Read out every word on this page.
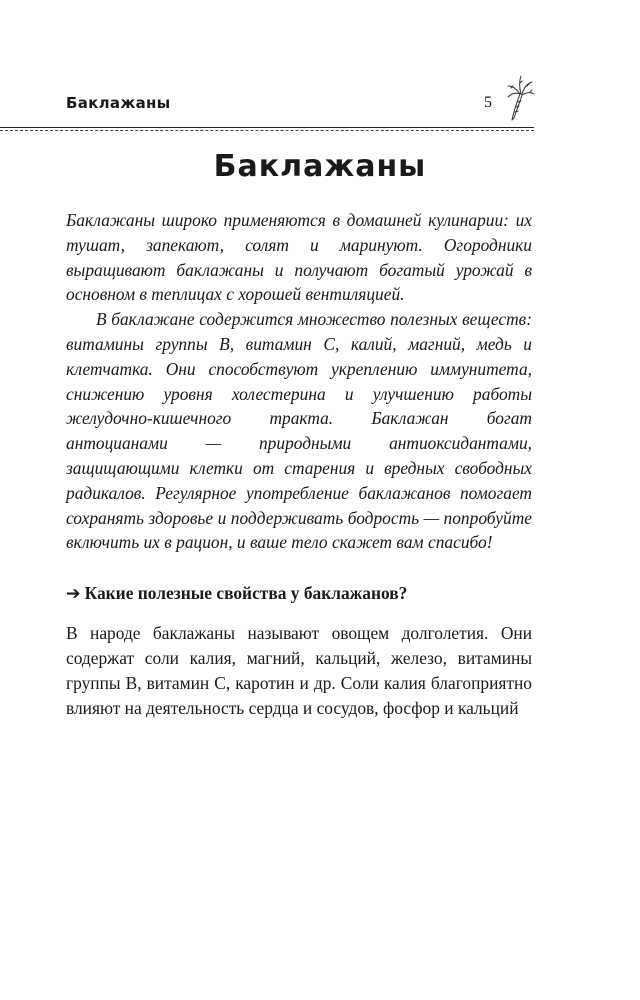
Баклажаны	5
Баклажаны

Баклажаны широко применяются в домашней кулинарии: их тушат, запекают, солят и маринуют. Огородники выращивают баклажаны и получают богатый урожай в основном в теплицах с хорошей вентиляцией.

В баклажане содержится множество полезных веществ: витамины группы B, витамин C, калий, магний, медь и клетчатка. Они способствуют укреплению иммунитета, снижению уровня холестерина и улучшению работы желудочно-кишечного тракта. Баклажан богат антоцианами — природными антиоксидантами, защищающими клетки от старения и вредных свободных радикалов. Регулярное употребление баклажанов помогает сохранять здоровье и поддерживать бодрость — попробуйте включить их в рацион, и ваше тело скажет вам спасибо!

➔ Какие полезные свойства у баклажанов?

В народе баклажаны называют овощем долголетия. Они содержат соли калия, магний, кальций, железо, витамины группы В, витамин С, каротин и др. Соли калия благоприятно влияют на деятельность сердца и сосудов, фосфор и кальций
